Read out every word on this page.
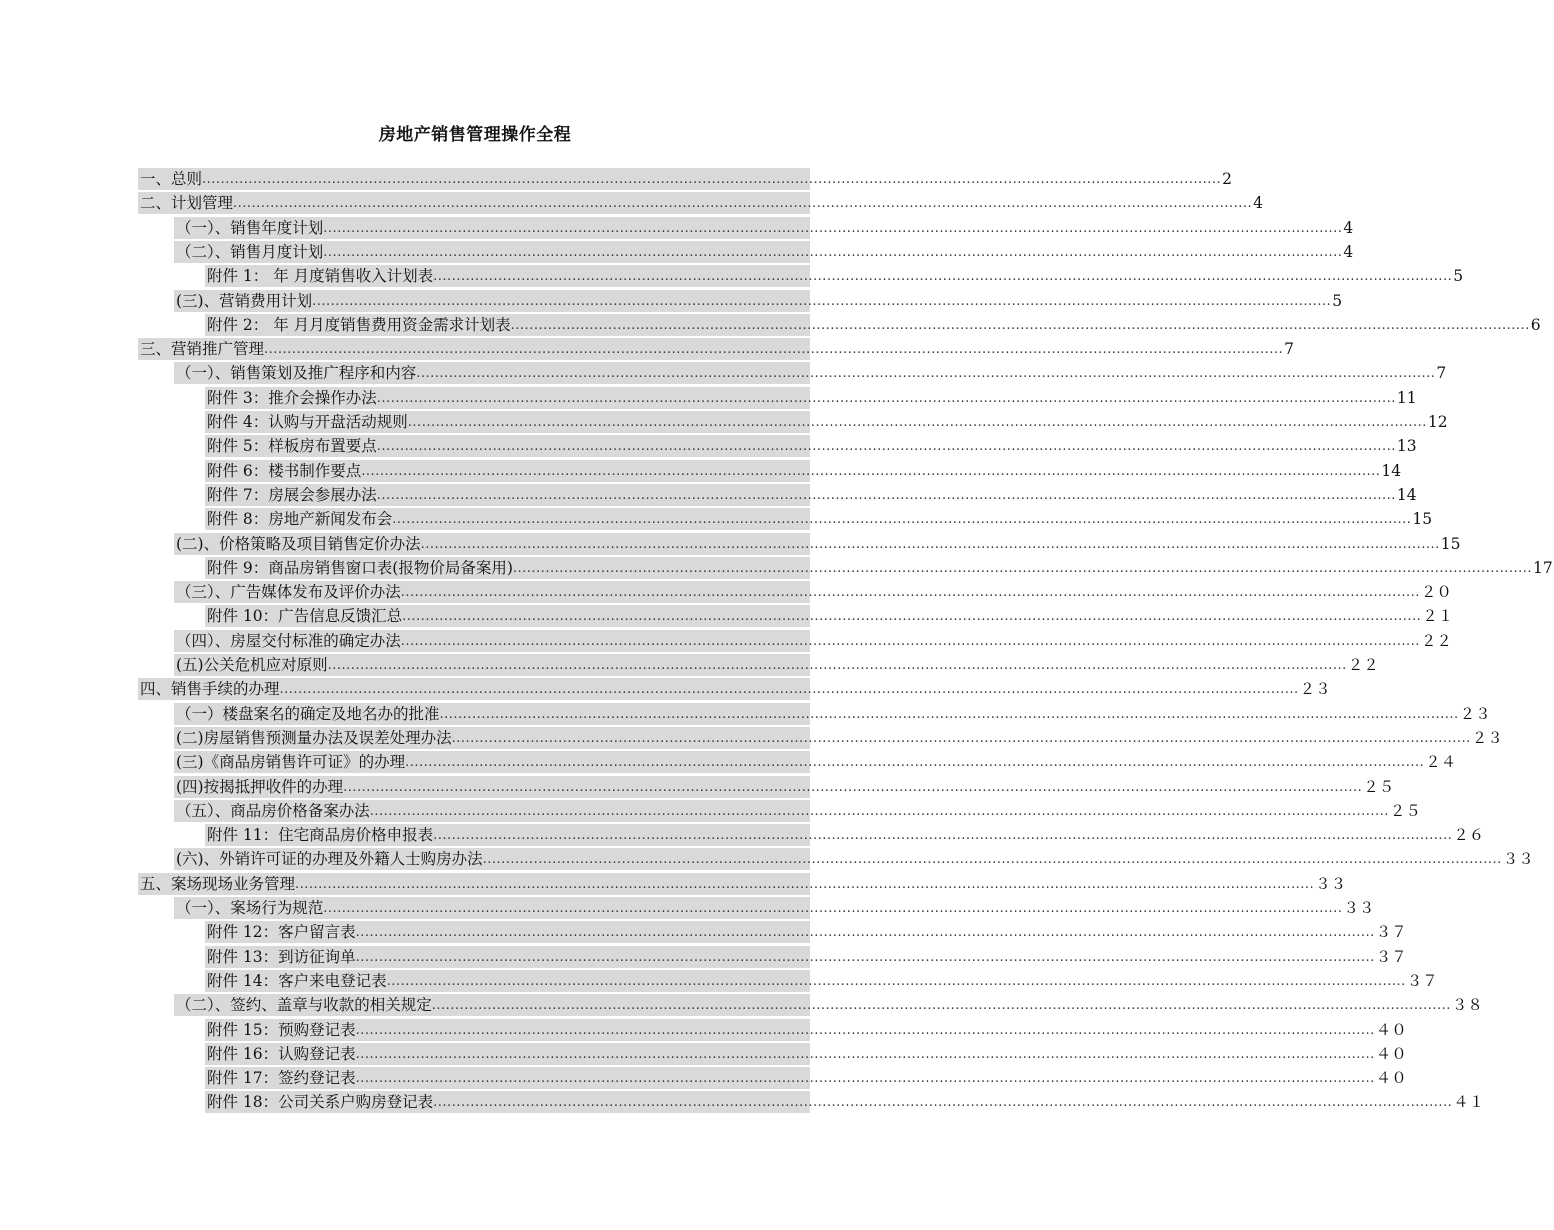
房地产销售管理操作全程
一、总则 ............................................................................................................................................................................................................................ 2
二、计划管理 ............................................................................................................................................................................................................................ 4
（一）、销售年度计划 ............................................................................................................................................................................................................................ 4
（二）、销售月度计划 ............................................................................................................................................................................................................................ 4
附件 1： 年 月度销售收入计划表 ............................................................................................................................................................................................................................ 5
(三)、营销费用计划 ............................................................................................................................................................................................................................ 5
附件 2： 年 月月度销售费用资金需求计划表 ............................................................................................................................................................................................................................ 6
三、营销推广管理 ............................................................................................................................................................................................................................ 7
（一）、销售策划及推广程序和内容 ............................................................................................................................................................................................................................ 7
附件 3：推介会操作办法 ............................................................................................................................................................................................................................ 11
附件 4：认购与开盘活动规则 ............................................................................................................................................................................................................................ 12
附件 5：样板房布置要点 ............................................................................................................................................................................................................................ 13
附件 6：楼书制作要点 ............................................................................................................................................................................................................................ 14
附件 7：房展会参展办法 ............................................................................................................................................................................................................................ 14
附件 8：房地产新闻发布会 ............................................................................................................................................................................................................................ 15
(二)、价格策略及项目销售定价办法 ............................................................................................................................................................................................................................ 15
附件 9：商品房销售窗口表(报物价局备案用) ............................................................................................................................................................................................................................ 17
（三）、广告媒体发布及评价办法 ............................................................................................................................................................................................................................ ２０
附件 10：广告信息反馈汇总 ............................................................................................................................................................................................................................ ２１
（四）、房屋交付标准的确定办法 ............................................................................................................................................................................................................................ ２２
(五)公关危机应对原则 ............................................................................................................................................................................................................................ ２２
四、销售手续的办理 ............................................................................................................................................................................................................................ ２３
（一）楼盘案名的确定及地名办的批准 ............................................................................................................................................................................................................................ ２３
(二)房屋销售预测量办法及误差处理办法 ............................................................................................................................................................................................................................ ２３
(三)《商品房销售许可证》的办理 ............................................................................................................................................................................................................................ ２４
(四)按揭抵押收件的办理 ............................................................................................................................................................................................................................ ２５
（五）、商品房价格备案办法 ............................................................................................................................................................................................................................ ２５
附件 11：住宅商品房价格申报表 ............................................................................................................................................................................................................................ ２６
(六)、外销许可证的办理及外籍人士购房办法 ............................................................................................................................................................................................................................ ３３
五、案场现场业务管理 ............................................................................................................................................................................................................................ ３３
（一）、案场行为规范 ............................................................................................................................................................................................................................ ３３
附件 12：客户留言表 ............................................................................................................................................................................................................................ ３７
附件 13：到访征询单 ............................................................................................................................................................................................................................ ３７
附件 14：客户来电登记表 ............................................................................................................................................................................................................................ ３７
（二）、签约、盖章与收款的相关规定 ............................................................................................................................................................................................................................ ３８
附件 15：预购登记表 ............................................................................................................................................................................................................................ ４０
附件 16：认购登记表 ............................................................................................................................................................................................................................ ４０
附件 17：签约登记表 ............................................................................................................................................................................................................................ ４０
附件 18：公司关系户购房登记表 ............................................................................................................................................................................................................................ ４１
